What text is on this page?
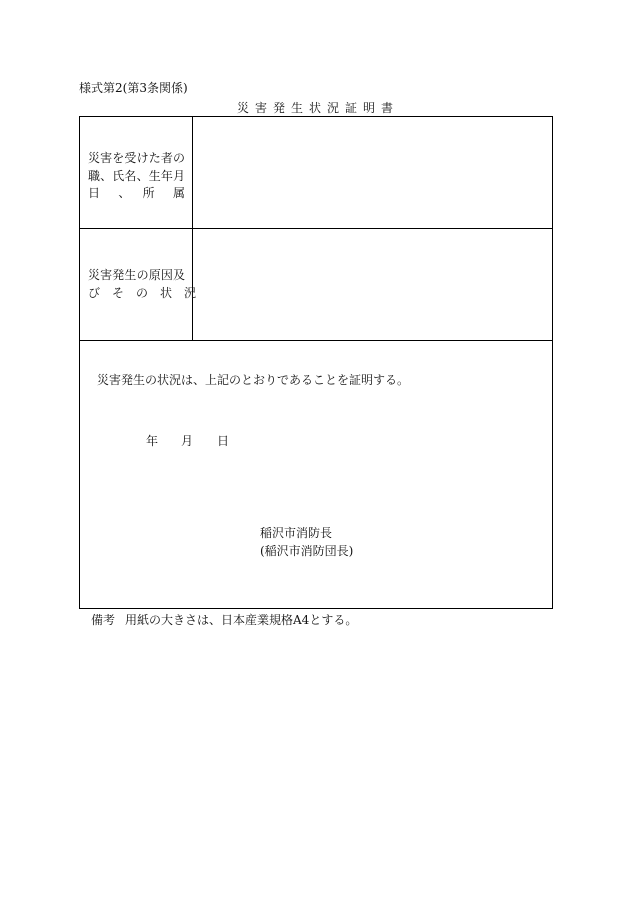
様式第2(第3条関係)
災害発生状況証明書
災害を受けた者の
職、氏名、生年月
日　、　所　属
災害発生の原因及
び　そ　の　状　況
災害発生の状況は、上記のとおりであることを証明する。
年 月 日
稲沢市消防長
(稲沢市消防団長)
備考 用紙の大きさは、日本産業規格A4とする。
